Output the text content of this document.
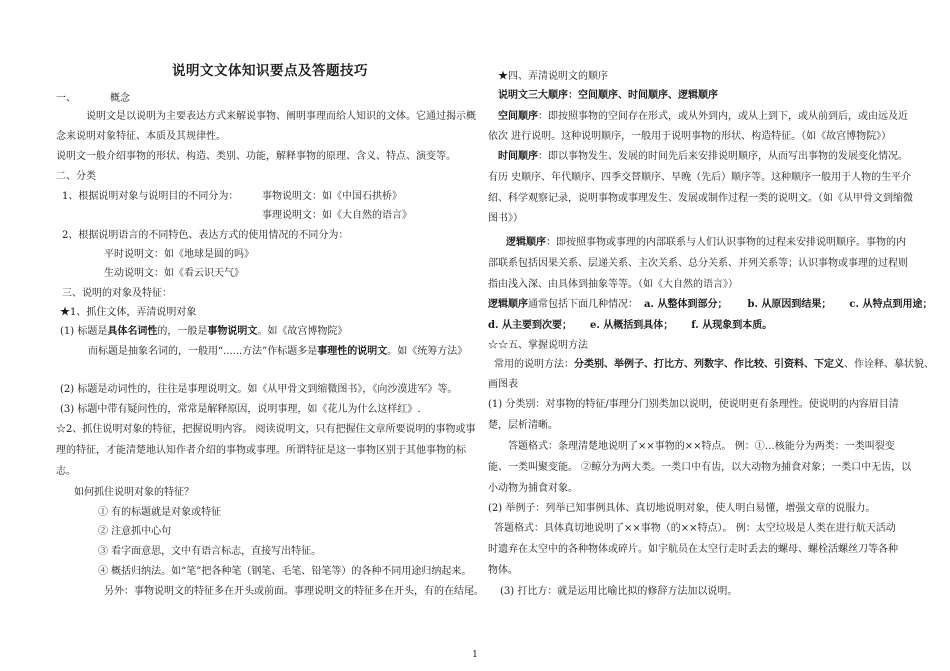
说明文文体知识要点及答题技巧
一、	概念
说明文是以说明为主要表达方式来解说事物、阐明事理而给人知识的文体。它通过揭示概
念来说明对象特征、本质及其规律性。
说明文一般介绍事物的形状、构造、类别、功能，解释事物的原理、含义、特点、演变等。
二、分类
1、根据说明对象与说明目的不同分为： 事物说明文：如《中国石拱桥》
事理说明文：如《大自然的语言》
2、根据说明语言的不同特色、表达方式的使用情况的不同分为：
平时说明文：如《地球是圆的吗》
生动说明文：如《看云识天气》
三、说明的对象及特征：
★1、抓住文体，弄清说明对象
(1) 标题是具体名词性的，一般是事物说明文。如《故宫博物院》
而标题是抽象名词的，一般用“......方法”作标题多是事理性的说明文。如《统筹方法》
(2) 标题是动词性的，往往是事理说明文。如《从甲骨文到缩微图书》，《向沙漠进军》等。
(3) 标题中带有疑问性的，常常是解释原因，说明事理，如《花儿为什么这样红》.
☆2、抓住说明对象的特征，把握说明内容。 阅读说明文，只有把握住文章所要说明的事物或事
理的特征，才能清楚地认知作者介绍的事物或事理。所谓特征是这一事物区别于其他事物的标
志。
如何抓住说明对象的特征？
① 有的标题就是对象或特征
② 注意抓中心句
③ 看字面意思，文中有语言标志，直接写出特征。
④ 概括归纳法。如“笔”把各种笔（钢笔、毛笔、铅笔等）的各种不同用途归纳起来。
另外：事物说明文的特征多在开头或前面。事理说明文的特征多在开头，有的在结尾。
★四、弄清说明文的顺序
说明文三大顺序：空间顺序、时间顺序、逻辑顺序
空间顺序：即按照事物的空间存在形式，或从外到内，或从上到下，或从前到后，或由远及近
依次 进行说明。这种说明顺序，一般用于说明事物的形状、构造特征。（如《故宫博物院》）
时间顺序：即以事物发生、发展的时间先后来安排说明顺序，从而写出事物的发展变化情况。
有历 史顺序、年代顺序、四季交替顺序、早晚（先后）顺序等。这种顺序一般用于人物的生平介
绍、科学观察记录，说明事物或事理发生、发展或制作过程一类的说明文。（如《从甲骨文到缩微
图书》）
逻辑顺序：即按照事物或事理的内部联系与人们认识事物的过程来安排说明顺序。事物的内
部联系包括因果关系、层递关系、主次关系、总分关系、并列关系等；认识事物或事理的过程则
指由浅入深、由具体到抽象等等。（如《大自然的语言》）
逻辑顺序通常包括下面几种情况： a. 从整体到部分； b. 从原因到结果； c. 从特点到用途；
d. 从主要到次要； e. 从概括到具体； f. 从现象到本质。
☆☆五、掌握说明方法
常用的说明方法：分类别、举例子、打比方、列数字、作比较、引资料、下定义、作诠释、摹状貌、
画图表
(1) 分类别：对事物的特征/事理分门别类加以说明，使说明更有条理性。使说明的内容眉目清
楚，层析清晰。
答题格式：条理清楚地说明了××事物的××特点。 例：①…核能分为两类：一类叫裂变
能、一类叫聚变能。 ②鲸分为两大类。一类口中有齿，以大动物为捕食对象；一类口中无齿，以
小动物为捕食对象。
(2) 举例子：列举已知事例具体、真切地说明对象，使人明白易懂，增强文章的说服力。
答题格式：具体真切地说明了××事物（的××特点）。 例：太空垃圾是人类在进行航天活动
时遗弃在太空中的各种物体或碎片。如宇航员在太空行走时丢去的螺母、螺栓活螺丝刀等各种
物体。
(3) 打比方：就是运用比喻比拟的修辞方法加以说明。
1
